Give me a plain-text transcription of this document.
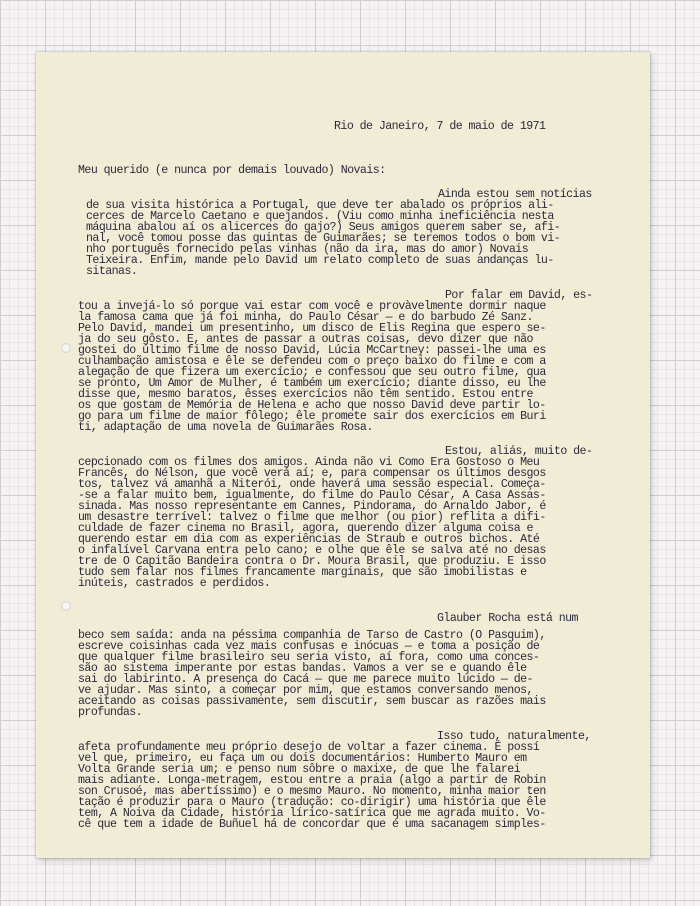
Rio de Janeiro, 7 de maio de 1971
Meu querido (e nunca por demais louvado) Novais:
Ainda estou sem notícias
de sua visita histórica a Portugal, que deve ter abalado os próprios ali-
cerces de Marcelo Caetano e quejandos. (Viu como minha ineficiência nesta
máquina abalou aí os alicerces do gajo?) Seus amigos querem saber se, afi-
nal, você tomou posse das quintas de Guimarães; se teremos todos o bom vi-
nho português fornecido pelas vinhas (não da ira, mas do amor) Novais
Teixeira. Enfim, mande pelo David um relato completo de suas andanças lu-
sitanas.
Por falar em David, es-
tou a invejá-lo só porque vai estar com você e provàvelmente dormir naque
la famosa cama que já foi minha, do Paulo César — e do barbudo Zé Sanz.
Pelo David, mandei um presentinho, um disco de Elis Regina que espero se-
ja do seu gôsto. E, antes de passar a outras coisas, devo dizer que não
gostei do último filme de nosso David, Lúcia McCartney: passei-lhe uma es
culhambação amistosa e êle se defendeu com o preço baixo do filme e com a
alegação de que fizera um exercício; e confessou que seu outro filme, qua
se pronto, Um Amor de Mulher, é também um exercício; diante disso, eu lhe
disse que, mesmo baratos, êsses exercícios não têm sentido. Estou entre
os que gostam de Memória de Helena e acho que nosso David deve partir lo-
go para um filme de maior fôlego; êle promete sair dos exercícios em Buri
ti, adaptação de uma novela de Guimarães Rosa.
Estou, aliás, muito de-
cepcionado com os filmes dos amigos. Ainda não vi Como Era Gostoso o Meu
Francês, do Nélson, que você verá aí; e, para compensar os últimos desgos
tos, talvez vá amanhã a Niterói, onde haverá uma sessão especial. Começa-
-se a falar muito bem, igualmente, do filme do Paulo César, A Casa Assas-
sinada. Mas nosso representante em Cannes, Pindorama, do Arnaldo Jabor, é
um desastre terrível: talvez o filme que melhor (ou pior) reflita a difi-
culdade de fazer cinema no Brasil, agora, querendo dizer alguma coisa e
querendo estar em dia com as experiências de Straub e outros bichos. Até
o infalível Carvana entra pelo cano; e olhe que êle se salva até no desas
tre de O Capitão Bandeira contra o Dr. Moura Brasil, que produziu. E isso
tudo sem falar nos filmes francamente marginais, que são imobilistas e
inúteis, castrados e perdidos.
Glauber Rocha está num
beco sem saída: anda na péssima companhia de Tarso de Castro (O Pasquim),
escreve coisinhas cada vez mais confusas e inócuas — e toma a posição de
que qualquer filme brasileiro seu seria visto, aí fora, como uma conces-
são ao sistema imperante por estas bandas. Vamos a ver se e quando êle
sai do labirinto. A presença do Cacá — que me parece muito lúcido — de-
ve ajudar. Mas sinto, a começar por mim, que estamos conversando menos,
aceitando as coisas passivamente, sem discutir, sem buscar as razões mais
profundas.
Isso tudo, naturalmente,
afeta profundamente meu próprio desejo de voltar a fazer cinema. É possí
vel que, primeiro, eu faça um ou dois documentários: Humberto Mauro em
Volta Grande seria um; e penso num sôbre o maxixe, de que lhe falarei
mais adiante. Longa-metragem, estou entre a praia (algo a partir de Robin
son Crusoé, mas abertíssimo) e o mesmo Mauro. No momento, minha maior ten
tação é produzir para o Mauro (tradução: co-dirigir) uma história que êle
tem, A Noiva da Cidade, história lírico-satírica que me agrada muito. Vo-
cê que tem a idade de Buñuel há de concordar que é uma sacanagem simples-
